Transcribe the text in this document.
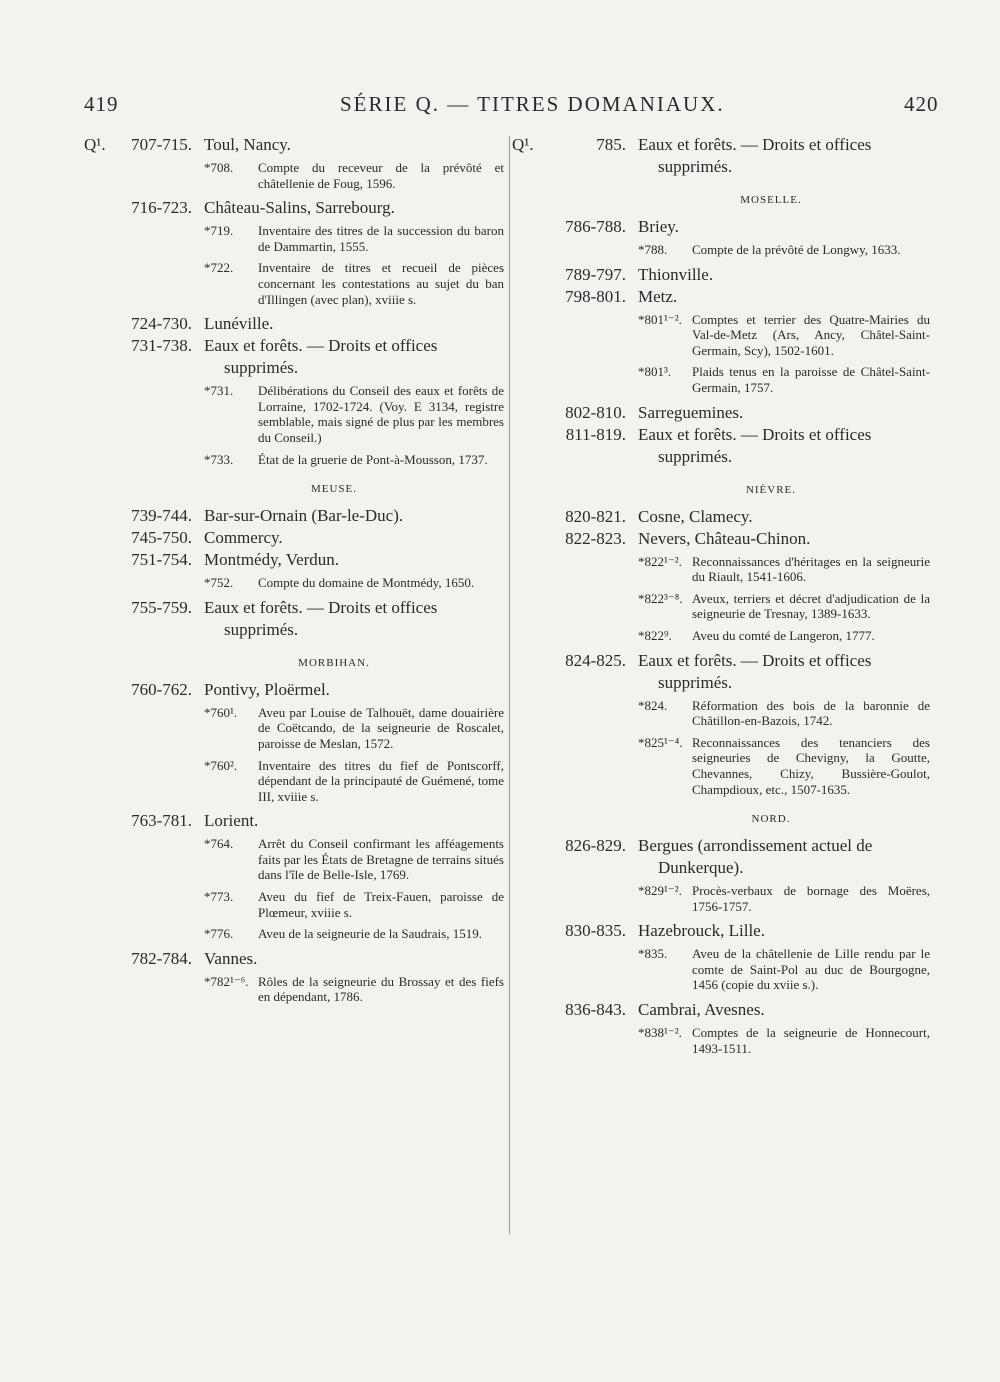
419	SÉRIE Q. — TITRES DOMANIAUX.	420
Q¹.	707-715. Toul, Nancy.
*708. Compte du receveur de la prévôté et châtellenie de Foug, 1596.
716-723. Château-Salins, Sarrebourg.
*719. Inventaire des titres de la succession du baron de Dammartin, 1555.
*722. Inventaire de titres et recueil de pièces concernant les contestations au sujet du ban d'Illingen (avec plan), xviiie s.
724-730. Lunéville.
731-738. Eaux et forêts. — Droits et offices
supprimés.
*731. Délibérations du Conseil des eaux et forêts de Lorraine, 1702-1724. (Voy. E 3134, registre semblable, mais signé de plus par les membres du Conseil.)
*733. État de la gruerie de Pont-à-Mousson, 1737.
MEUSE.
739-744. Bar-sur-Ornain (Bar-le-Duc).
745-750. Commercy.
751-754. Montmédy, Verdun.
*752. Compte du domaine de Montmédy, 1650.
755-759. Eaux et forêts. — Droits et offices
supprimés.
MORBIHAN.
760-762. Pontivy, Ploërmel.
*760¹. Aveu par Louise de Talhouët, dame douairière de Coëtcando, de la seigneurie de Roscalet, paroisse de Meslan, 1572.
*760². Inventaire des titres du fief de Pontscorff, dépendant de la principauté de Guémené, tome III, xviiie s.
763-781. Lorient.
*764. Arrêt du Conseil confirmant les afféagements faits par les États de Bretagne de terrains situés dans l'île de Belle-Isle, 1769.
*773. Aveu du fief de Treix-Fauen, paroisse de Plœmeur, xviiie s.
*776. Aveu de la seigneurie de la Saudrais, 1519.
782-784. Vannes.
*782¹⁻⁶. Rôles de la seigneurie du Brossay et des fiefs en dépendant, 1786.
Q¹.	785. Eaux et forêts. — Droits et offices
supprimés.
MOSELLE.
786-788. Briey.
*788. Compte de la prévôté de Longwy, 1633.
789-797. Thionville.
798-801. Metz.
*801¹⁻². Comptes et terrier des Quatre-Mairies du Val-de-Metz (Ars, Ancy, Châtel-Saint-Germain, Scy), 1502-1601.
*801³. Plaids tenus en la paroisse de Châtel-Saint-Germain, 1757.
802-810. Sarreguemines.
811-819. Eaux et forêts. — Droits et offices
supprimés.
NIÈVRE.
820-821. Cosne, Clamecy.
822-823. Nevers, Château-Chinon.
*822¹⁻². Reconnaissances d'héritages en la seigneurie du Riault, 1541-1606.
*822³⁻⁸. Aveux, terriers et décret d'adjudication de la seigneurie de Tresnay, 1389-1633.
*822⁹. Aveu du comté de Langeron, 1777.
824-825. Eaux et forêts. — Droits et offices
supprimés.
*824. Réformation des bois de la baronnie de Châtillon-en-Bazois, 1742.
*825¹⁻⁴. Reconnaissances des tenanciers des seigneuries de Chevigny, la Goutte, Chevannes, Chizy, Bussière-Goulot, Champdioux, etc., 1507-1635.
NORD.
826-829. Bergues (arrondissement actuel de
Dunkerque).
*829¹⁻². Procès-verbaux de bornage des Moëres, 1756-1757.
830-835. Hazebrouck, Lille.
*835. Aveu de la châtellenie de Lille rendu par le comte de Saint-Pol au duc de Bourgogne, 1456 (copie du xviie s.).
836-843. Cambrai, Avesnes.
*838¹⁻². Comptes de la seigneurie de Honnecourt, 1493-1511.
